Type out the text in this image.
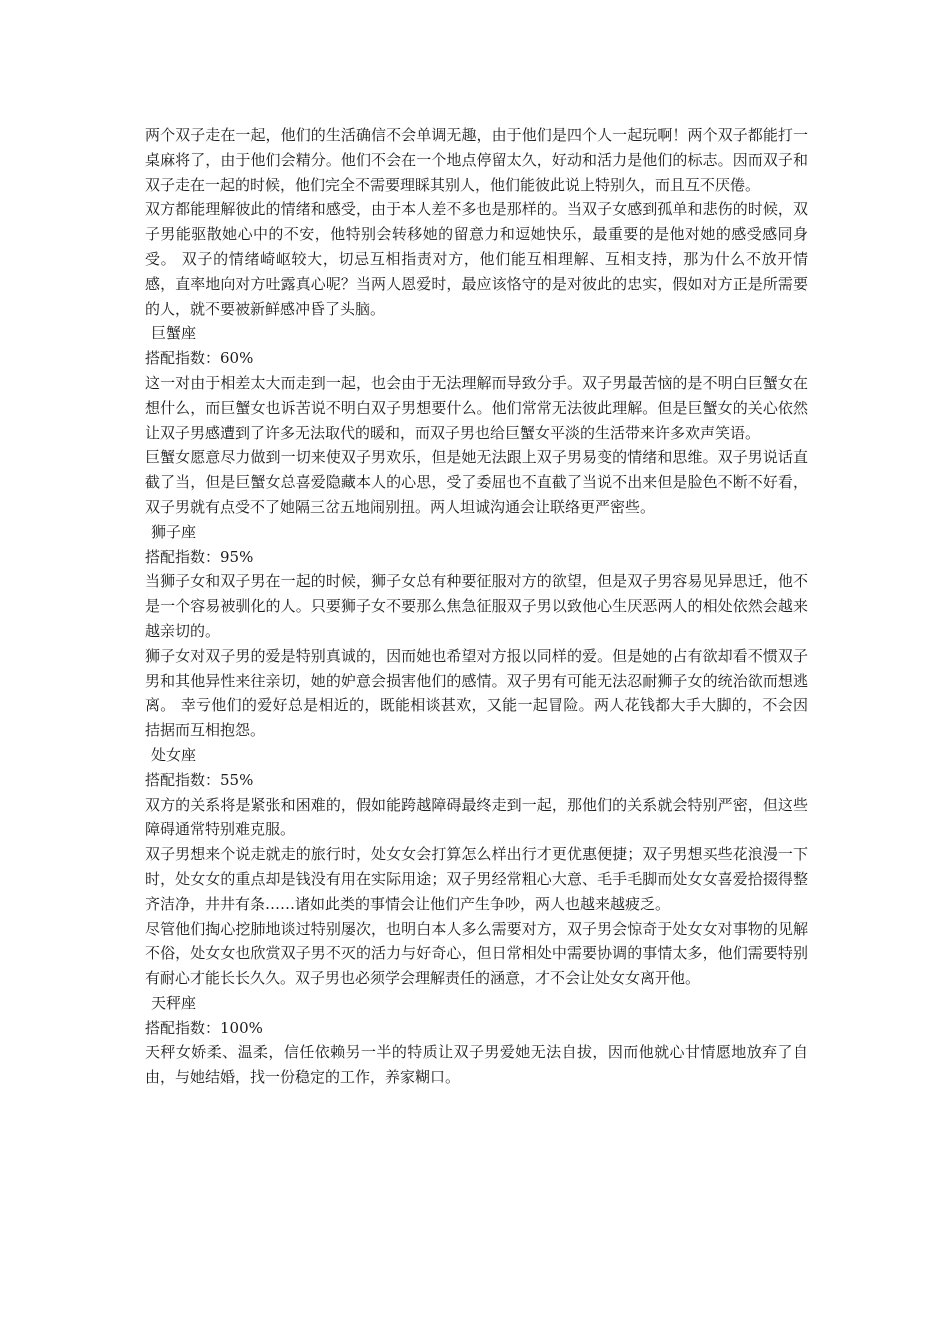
两个双子走在一起，他们的生活确信不会单调无趣，由于他们是四个人一起玩啊！两个双子都能打一桌麻将了，由于他们会精分。他们不会在一个地点停留太久，好动和活力是他们的标志。因而双子和双子走在一起的时候，他们完全不需要理睬其别人，他们能彼此说上特别久，而且互不厌倦。

双方都能理解彼此的情绪和感受，由于本人差不多也是那样的。当双子女感到孤单和悲伤的时候，双子男能驱散她心中的不安，他特别会转移她的留意力和逗她快乐，最重要的是他对她的感受感同身受。 双子的情绪崎岖较大，切忌互相指责对方，他们能互相理解、互相支持，那为什么不放开情感，直率地向对方吐露真心呢？当两人恩爱时，最应该恪守的是对彼此的忠实，假如对方正是所需要的人，就不要被新鲜感冲昏了头脑。

巨蟹座

搭配指数：60%

这一对由于相差太大而走到一起，也会由于无法理解而导致分手。双子男最苦恼的是不明白巨蟹女在想什么，而巨蟹女也诉苦说不明白双子男想要什么。他们常常无法彼此理解。但是巨蟹女的关心依然让双子男感遭到了许多无法取代的暖和，而双子男也给巨蟹女平淡的生活带来许多欢声笑语。

巨蟹女愿意尽力做到一切来使双子男欢乐，但是她无法跟上双子男易变的情绪和思维。双子男说话直截了当，但是巨蟹女总喜爱隐藏本人的心思，受了委屈也不直截了当说不出来但是脸色不断不好看，双子男就有点受不了她隔三岔五地闹别扭。两人坦诚沟通会让联络更严密些。

狮子座

搭配指数：95%

当狮子女和双子男在一起的时候，狮子女总有种要征服对方的欲望，但是双子男容易见异思迁，他不是一个容易被驯化的人。只要狮子女不要那么焦急征服双子男以致他心生厌恶两人的相处依然会越来越亲切的。

狮子女对双子男的爱是特别真诚的，因而她也希望对方报以同样的爱。但是她的占有欲却看不惯双子男和其他异性来往亲切，她的妒意会损害他们的感情。双子男有可能无法忍耐狮子女的统治欲而想逃离。 幸亏他们的爱好总是相近的，既能相谈甚欢，又能一起冒险。两人花钱都大手大脚的，不会因拮据而互相抱怨。

处女座

搭配指数：55%

双方的关系将是紧张和困难的，假如能跨越障碍最终走到一起，那他们的关系就会特别严密，但这些障碍通常特别难克服。

双子男想来个说走就走的旅行时，处女女会打算怎么样出行才更优惠便捷；双子男想买些花浪漫一下时，处女女的重点却是钱没有用在实际用途；双子男经常粗心大意、毛手毛脚而处女女喜爱拾掇得整齐洁净，井井有条……诸如此类的事情会让他们产生争吵，两人也越来越疲乏。

尽管他们掏心挖肺地谈过特别屡次，也明白本人多么需要对方，双子男会惊奇于处女女对事物的见解不俗，处女女也欣赏双子男不灭的活力与好奇心，但日常相处中需要协调的事情太多，他们需要特别有耐心才能长长久久。双子男也必须学会理解责任的涵意，才不会让处女女离开他。

天秤座

搭配指数：100%

天秤女娇柔、温柔，信任依赖另一半的特质让双子男爱她无法自拔，因而他就心甘情愿地放弃了自由，与她结婚，找一份稳定的工作，养家糊口。
